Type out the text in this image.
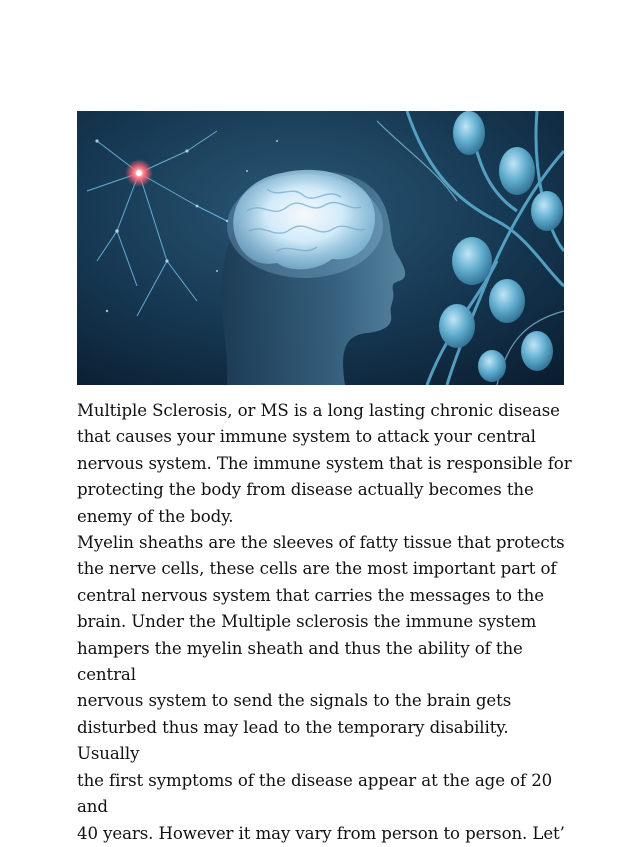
Multiple Sclerosis, or MS is a long lasting chronic disease
that causes your immune system to attack your central
nervous system. The immune system that is responsible for
protecting the body from disease actually becomes the
enemy of the body.

Myelin sheaths are the sleeves of fatty tissue that protects
the nerve cells, these cells are the most important part of
central nervous system that carries the messages to the
brain. Under the Multiple sclerosis the immune system
hampers the myelin sheath and thus the ability of the central
nervous system to send the signals to the brain gets
disturbed thus may lead to the temporary disability. Usually
the first symptoms of the disease appear at the age of 20 and
40 years. However it may vary from person to person. Let’
